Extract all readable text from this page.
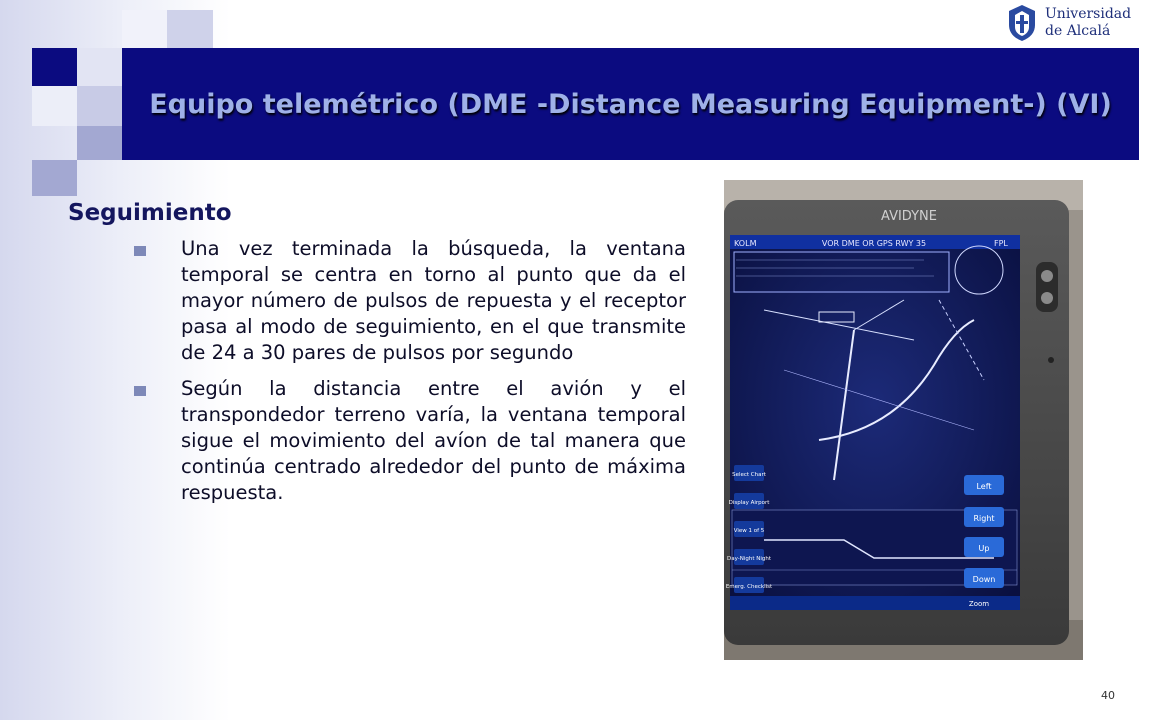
Equipo telemétrico (DME -Distance Measuring Equipment-) (VI)
Universidad
de Alcalá
Seguimiento
Una vez terminada la búsqueda, la ventana temporal se centra en torno al punto que da el mayor número de pulsos de repuesta y el receptor pasa al modo de seguimiento, en el que transmite de 24 a 30 pares de pulsos por segundo
Según la distancia entre el avión y el transpondedor terreno varía, la ventana temporal sigue el movimiento del avíon de tal manera que continúa centrado alrededor del punto de máxima respuesta.
AVIDYNE
KOLM	VOR DME OR GPS RWY 35	FPL
Left
Right
Up
Down
Zoom
Select Chart
Display Airport
View 1 of 5
Day-Night Night
Emerg. Checklist
40
